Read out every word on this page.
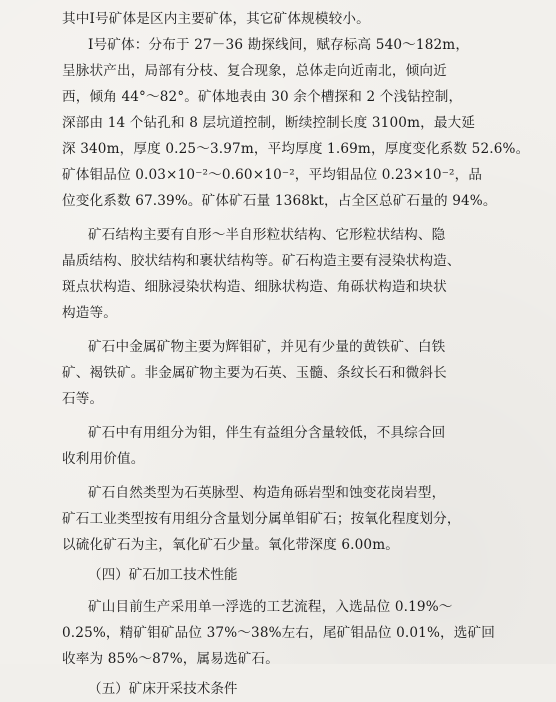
其中Ⅰ号矿体是区内主要矿体，其它矿体规模较小。

Ⅰ号矿体：分布于 27－36 勘探线间，赋存标高 540～182m，
呈脉状产出，局部有分枝、复合现象，总体走向近南北，倾向近
西，倾角 44°～82°。矿体地表由 30 余个槽探和 2 个浅钻控制，
深部由 14 个钻孔和 8 层坑道控制，断续控制长度 3100m，最大延
深 340m，厚度 0.25～3.97m，平均厚度 1.69m，厚度变化系数 52.6%。
矿体钼品位 0.03×10⁻²～0.60×10⁻²，平均钼品位 0.23×10⁻²，品
位变化系数 67.39%。矿体矿石量 1368kt，占全区总矿石量的 94%。

矿石结构主要有自形～半自形粒状结构、它形粒状结构、隐
晶质结构、胶状结构和裹状结构等。矿石构造主要有浸染状构造、
斑点状构造、细脉浸染状构造、细脉状构造、角砾状构造和块状
构造等。

矿石中金属矿物主要为辉钼矿，并见有少量的黄铁矿、白铁
矿、褐铁矿。非金属矿物主要为石英、玉髓、条纹长石和微斜长
石等。

矿石中有用组分为钼，伴生有益组分含量较低，不具综合回
收利用价值。

矿石自然类型为石英脉型、构造角砾岩型和蚀变花岗岩型，
矿石工业类型按有用组分含量划分属单钼矿石；按氧化程度划分，
以硫化矿石为主，氧化矿石少量。氧化带深度 6.00m。

（四）矿石加工技术性能

矿山目前生产采用单一浮选的工艺流程，入选品位 0.19%～
0.25%，精矿钼矿品位 37%～38%左右，尾矿钼品位 0.01%，选矿回
收率为 85%～87%，属易选矿石。

（五）矿床开采技术条件
